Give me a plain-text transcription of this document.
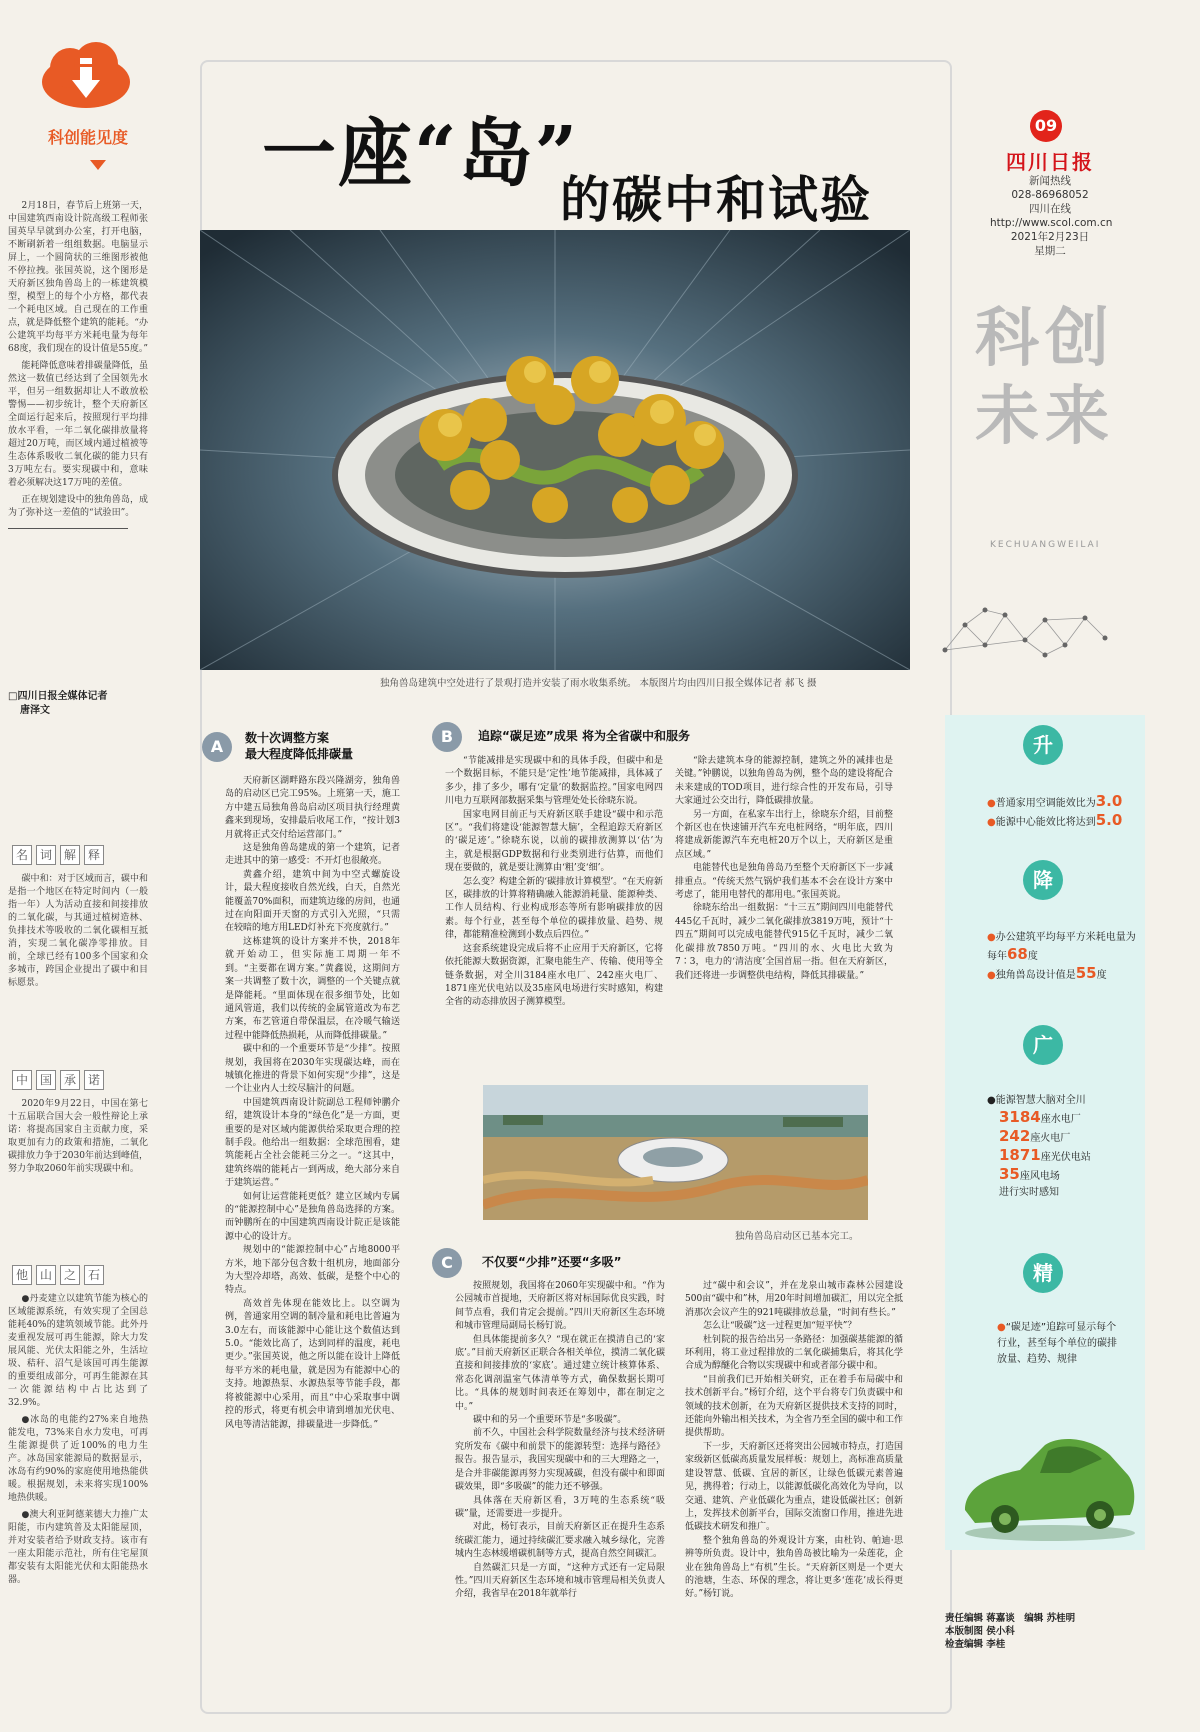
科创能见度 一座“岛”
的碳中和试验
09
四川日报
新闻热线
028-86968052
四川在线
http://www.scol.com.cn
2021年2月23日
星期二
科创未来
KECHUANGWEILAI
独角兽岛建筑中空处进行了景观打造并安装了雨水收集系统。 本版图片均由四川日报全媒体记者 郝飞 摄

2月18日，春节后上班第一天，中国建筑西南设计院高级工程师张国英早早就到办公室，打开电脑，不断刷新着一组组数据。电脑显示屏上，一个圆筒状的三维图形被他不停拉拽。张国英说，这个图形是天府新区独角兽岛上的一栋建筑模型，模型上的每个小方格，都代表一个耗电区域。自己现在的工作重点，就是降低整个建筑的能耗。“办公建筑平均每平方米耗电量为每年68度，我们现在的设计值是55度。”

能耗降低意味着排碳量降低，虽然这一数值已经达到了全国领先水平，但另一组数据却让人不敢放松警惕——初步统计，整个天府新区全面运行起来后，按照现行平均排放水平看，一年二氧化碳排放量将超过20万吨，而区域内通过植被等生态体系吸收二氧化碳的能力只有3万吨左右。要实现碳中和，意味着必须解决这17万吨的差值。

正在规划建设中的独角兽岛，成为了弥补这一差值的“试验田”。

□四川日报全媒体记者
唐泽文
名 词 解 释

碳中和：对于区域而言，碳中和是指一个地区在特定时间内（一般指一年）人为活动直接和间接排放的二氧化碳，与其通过植树造林、负排技术等吸收的二氧化碳相互抵消，实现二氧化碳净零排放。目前，全球已经有100多个国家和众多城市，跨国企业提出了碳中和目标愿景。

中 国 承 诺

2020年9月22日，中国在第七十五届联合国大会一般性辩论上承诺：将提高国家自主贡献力度，采取更加有力的政策和措施，二氧化碳排放力争于2030年前达到峰值，努力争取2060年前实现碳中和。

他 山 之 石

●丹麦建立以建筑节能为核心的区域能源系统，有效实现了全国总能耗40%的建筑领域节能。此外丹麦重视发展可再生能源，除大力发展风能、光伏太阳能之外，生活垃圾、秸秆、沼气是该国可再生能源的重要组成部分，可再生能源在其一次能源结构中占比达到了32.9%。

●冰岛的电能约27%来自地热能发电，73%来自水力发电，可再生能源提供了近100%的电力生产。冰岛国家能源局的数据显示，冰岛有约90%的家庭使用地热能供暖。根据规划，未来将实现100%地热供暖。

●澳大利亚阿德莱德大力推广太阳能，市内建筑普及太阳能屋顶，并对安装者给予财政支持。该市有一座太阳能示范社，所有住宅屋顶都安装有太阳能光伏和太阳能热水器。

A	数十次调整方案
最大程度降低排碳量

天府新区湖畔路东段兴隆湖旁，独角兽岛的启动区已完工95%。上班第一天，施工方中建五局独角兽岛启动区项目执行经理黄鑫来到现场，安排最后收尾工作，“按计划3月就将正式交付给运营部门。”

这是独角兽岛建成的第一个建筑，记者走进其中的第一感受：不开灯也很敞亮。

黄鑫介绍，建筑中间为中空式螺旋设计，最大程度接收自然光线，白天，自然光能覆盖70%面积，而建筑边缘的房间，也通过在向阳面开天窗的方式引入光照，“只需在较暗的地方用LED灯补充下亮度就行。”

这栋建筑的设计方案并不快，2018年就开始动工，但实际施工周期一年不到。“主要都在调方案。”黄鑫说，这期间方案一共调整了数十次，调整的一个关键点就是降能耗。“里面体现在很多细节处，比如通风管道，我们以传统的金属管道改为布艺方案，布艺管道自带保温层，在冷暖气输送过程中能降低热损耗，从而降低排碳量。”

碳中和的一个重要环节是“少排”。按照规划，我国将在2030年实现碳达峰，而在城镇化推进的背景下如何实现“少排”，这是一个让业内人士绞尽脑汁的问题。

中国建筑西南设计院副总工程师钟鹏介绍，建筑设计本身的“绿色化”是一方面，更重要的是对区域内能源供给采取更合理的控制手段。他给出一组数据：全球范围看，建筑能耗占全社会能耗三分之一。“这其中，建筑终端的能耗占一到两成，绝大部分来自于建筑运营。”

如何让运营能耗更低？建立区域内专属的“能源控制中心”是独角兽岛选择的方案。而钟鹏所在的中国建筑西南设计院正是该能源中心的设计方。

规划中的“能源控制中心”占地8000平方米，地下部分包含数十组机房，地面部分为大型冷却塔，高效、低碳，是整个中心的特点。

高效首先体现在能效比上。以空调为例，普通家用空调的制冷量和耗电比普遍为3.0左右，而该能源中心能让这个数值达到5.0。“能效比高了，达到同样的温度，耗电更少。”张国英说，他之所以能在设计上降低每平方米的耗电量，就是因为有能源中心的支持。地源热泵、水源热泵等节能手段，都将被能源中心采用，而且“中心采取事中调控的形式，将更有机会申请到增加光伏电、风电等清洁能源，排碳量进一步降低。”

B	追踪“碳足迹”成果 将为全省碳中和服务

“节能减排是实现碳中和的具体手段，但碳中和是一个数据目标，不能只是‘定性’地节能减排，具体减了多少，排了多少，哪有‘定量’的数据监控。”国家电网四川电力互联网部数据采集与管理处处长徐晓东说。

国家电网目前正与天府新区联手建设“碳中和示范区”。“我们将建设‘能源智慧大脑’，全程追踪天府新区的‘碳足迹’。”徐晓东说，以前的碳排放测算以‘估’为主，就是根据GDP数据和行业类别进行估算，而他们现在要做的，就是要让测算由‘粗’变‘细’。

怎么变？构建全新的‘碳排放计算模型’。“在天府新区，碳排放的计算将精确融入能源消耗量、能源种类、工作人员结构、行业构成形态等所有影响碳排放的因素。每个行业，甚至每个单位的碳排放量、趋势、规律，都能精准检测到小数点后四位。”

这套系统建设完成后将不止应用于天府新区，它将依托能源大数据资源，汇聚电能生产、传输、使用等全链条数据，对全川3184座水电厂、242座火电厂、1871座光伏电站以及35座风电场进行实时感知，构建全省的动态排放因子测算模型。

“除去建筑本身的能源控制，建筑之外的减排也是关键。”钟鹏说，以独角兽岛为例，整个岛的建设将配合未来建成的TOD项目，进行综合性的开发布局，引导大家通过公交出行，降低碳排放量。

另一方面，在私家车出行上，徐晓东介绍，目前整个新区也在快速铺开汽车充电桩网络，“明年底，四川将建成新能源汽车充电桩20万个以上，天府新区是重点区域。”

电能替代也是独角兽岛乃至整个天府新区下一步减排重点。“传统天然气锅炉我们基本不会在设计方案中考虑了，能用电替代的都用电。”张国英说。

徐晓东给出一组数据：“十三五”期间四川电能替代445亿千瓦时，减少二氧化碳排放3819万吨，预计“十四五”期间可以完成电能替代915亿千瓦时，减少二氧化碳排放7850万吨。“四川的水、火电比大致为7∶3，电力的‘清洁度’全国首屈一指。但在天府新区，我们还将进一步调整供电结构，降低其排碳量。”

独角兽岛启动区已基本完工。
C	不仅要“少排”还要“多吸”

按照规划，我国将在2060年实现碳中和。“作为公园城市首提地，天府新区将对标国际优良实践，时间节点看，我们肯定会提前。”四川天府新区生态环境和城市管理局副局长杨钉说。

但具体能提前多久？“现在就正在摸清自己的‘家底’。”目前天府新区正联合各相关单位，摸清二氧化碳直接和间接排放的‘家底’。通过建立统计核算体系、常态化调剖温室气体清单等方式，确保数据长期可比。“具体的规划时间表还在筹划中，都在制定之中。”

碳中和的另一个重要环节是“多吸碳”。

前不久，中国社会科学院数量经济与技术经济研究所发布《碳中和前景下的能源转型：选择与路径》报告。报告显示，我国实现碳中和的三大理路之一，是合并非碳能源再努力实现减碳，但没有碳中和即面碳效果，即“多吸碳”的能力还不够强。

具体落在天府新区看，3万吨的生态系统“吸碳”量，还需要进一步提升。

对此，杨钉表示，目前天府新区正在提升生态系统碳汇能力，通过持续碳汇要求融入城乡绿化，完善城内生态林缓增碳机制等方式，提高自然空间碳汇。

自然碳汇只是一方面，“这种方式还有一定局限性。”四川天府新区生态环境和城市管理局相关负责人介绍，我省早在2018年就举行

过“碳中和会议”，并在龙泉山城市森林公园建设500亩“碳中和”林，用20年时间增加碳汇，用以完全抵消那次会议产生的921吨碳排放总量，“时间有些长。”

怎么让“吸碳”这一过程更加“短平快”？

杜钊院的报告给出另一条路径：加强碳基能源的循环利用，将工业过程排放的二氧化碳捕集后，将其化学合成为醇醚化合物以实现碳中和或者部分碳中和。

“目前我们已开始相关研究，正在着手布局碳中和技术创新平台。”杨钉介绍，这个平台将专门负责碳中和领域的技术创新，在为天府新区提供技术支持的同时，还能向外输出相关技术，为全省乃至全国的碳中和工作提供帮助。

下一步，天府新区还将突出公园城市特点，打造国家级新区低碳高质量发展样板：规划上，高标准高质量建设智慧、低碳、宜居的新区，让绿色低碳元素普遍见，携得着；行动上，以能源低碳化高效化为导向，以交通、建筑、产业低碳化为重点，建设低碳社区；创新上，发挥技术创新平台，国际交流窗口作用，推进先进低碳技术研发和推广。

整个独角兽岛的外观设计方案，由杜钧、帕迪·思辨等所负责。设计中，独角兽岛被比喻为一朵莲花，企业在独角兽岛上“有机”生长。“天府新区则是一个更大的池塘，生态、环保的理念，将让更多‘莲花’成长得更好。”杨钉说。

升
●普通家用空调能效比为3.0
●能源中心能效比将达到5.0
降
●办公建筑平均每平方米耗电量为每年68度
●独角兽岛设计值是55度
广
●能源智慧大脑对全川
3184座水电厂
242座火电厂
1871座光伏电站
35座风电场
进行实时感知
精
●“碳足迹”追踪可显示每个行业，甚至每个单位的碳排放量、趋势、规律
责任编辑 蒋嘉谈　编辑 苏桂明
本版制图 侯小科
检查编辑 李桂
